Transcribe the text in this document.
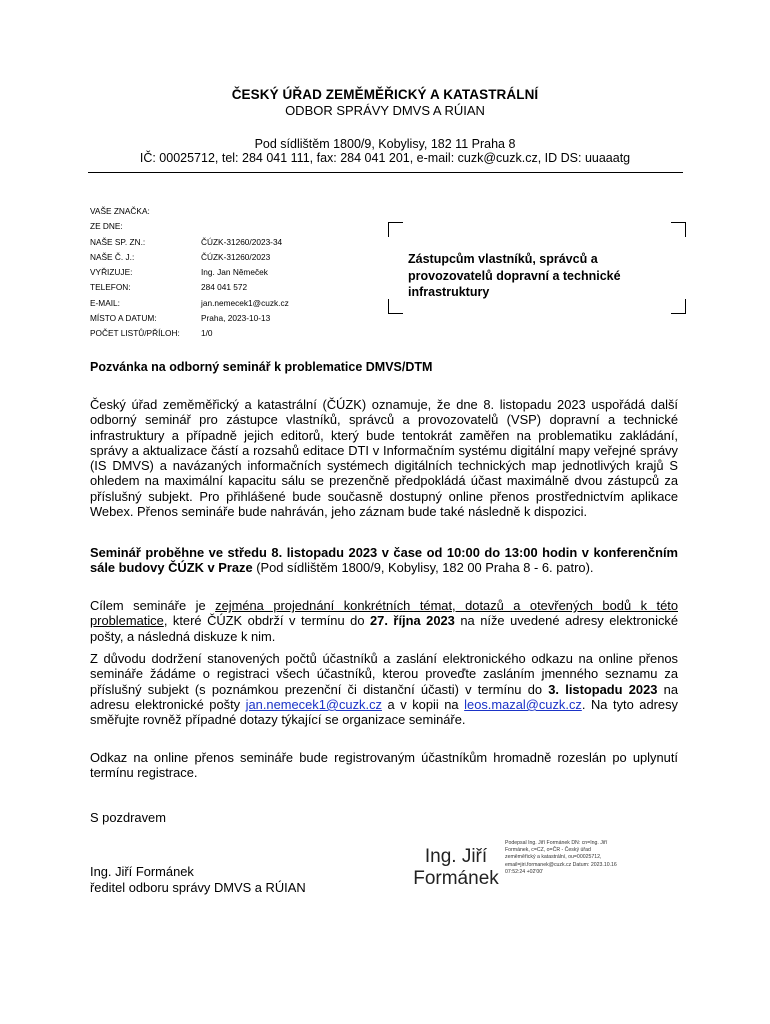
ČESKÝ ÚŘAD ZEMĚMĚŘICKÝ A KATASTRÁLNÍ
ODBOR SPRÁVY DMVS A RÚIAN
Pod sídlištěm 1800/9, Kobylisy, 182 11 Praha 8
IČ: 00025712, tel: 284 041 111, fax: 284 041 201, e-mail: cuzk@cuzk.cz, ID DS: uuaaatg
VAŠE ZNAČKA:
ZE DNE:
NAŠE SP. ZN.:	ČÚZK-31260/2023-34
NAŠE Č. J.:	ČÚZK-31260/2023
VYŘIZUJE:	Ing. Jan Němeček
TELEFON:	284 041 572
E-MAIL:	jan.nemecek1@cuzk.cz
MÍSTO A DATUM:	Praha, 2023-10-13
POČET LISTŮ/PŘÍLOH:	1/0
Zástupcům vlastníků, správců a provozovatelů dopravní a technické infrastruktury
Pozvánka na odborný seminář k problematice DMVS/DTM

Český úřad zeměměřický a katastrální (ČÚZK) oznamuje, že dne 8. listopadu 2023 uspořádá další odborný seminář pro zástupce vlastníků, správců a provozovatelů (VSP) dopravní a technické infrastruktury a případně jejich editorů, který bude tentokrát zaměřen na problematiku zakládání, správy a aktualizace částí a rozsahů editace DTI v Informačním systému digitální mapy veřejné správy (IS DMVS) a navázaných informačních systémech digitálních technických map jednotlivých krajů S ohledem na maximální kapacitu sálu se prezenčně předpokládá účast maximálně dvou zástupců za příslušný subjekt. Pro přihlášené bude současně dostupný online přenos prostřednictvím aplikace Webex. Přenos semináře bude nahráván, jeho záznam bude také následně k dispozici.

Seminář proběhne ve středu 8. listopadu 2023 v čase od 10:00 do 13:00 hodin v konferenčním sále budovy ČÚZK v Praze (Pod sídlištěm 1800/9, Kobylisy, 182 00 Praha 8 - 6. patro).

Cílem semináře je zejména projednání konkrétních témat, dotazů a otevřených bodů k této problematice, které ČÚZK obdrží v termínu do 27. října 2023 na níže uvedené adresy elektronické pošty, a následná diskuze k nim.

Z důvodu dodržení stanovených počtů účastníků a zaslání elektronického odkazu na online přenos semináře žádáme o registraci všech účastníků, kterou proveďte zasláním jmenného seznamu za příslušný subjekt (s poznámkou prezenční či distanční účasti) v termínu do 3. listopadu 2023 na adresu elektronické pošty jan.nemecek1@cuzk.cz a v kopii na leos.mazal@cuzk.cz. Na tyto adresy směřujte rovněž případné dotazy týkající se organizace semináře.

Odkaz na online přenos semináře bude registrovaným účastníkům hromadně rozeslán po uplynutí termínu registrace.

S pozdravem
Ing. Jiří Formánek
ředitel odboru správy DMVS a RÚIAN
Ing. Jiří
Formánek
Podepsal Ing. Jiří Formánek DN: cn=Ing. Jiří Formánek, c=CZ, o=ČR - Český úřad zeměměřický a katastrální, ou=00025712, email=jiri.formanek@cuzk.cz Datum: 2023.10.16 07:52:24 +02'00'
